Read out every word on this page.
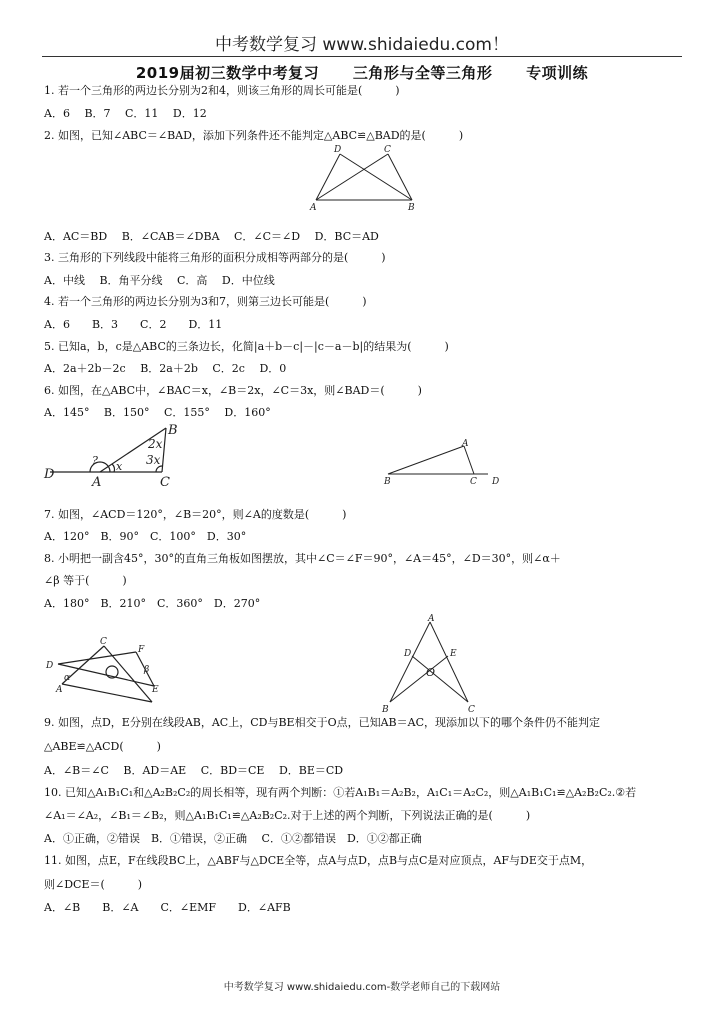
中考数学复习 www.shidaiedu.com！
2019届初三数学中考复习 三角形与全等三角形 专项训练
1. 若一个三角形的两边长分别为2和4，则该三角形的周长可能是(　　　)
A．6　 B．7　 C．11　 D．12
2. 如图，已知∠ABC＝∠BAD，添加下列条件还不能判定△ABC≌△BAD的是(　　　)
A	B
C
D
A．AC＝BD　 B．∠CAB＝∠DBA　 C．∠C＝∠D　 D．BC＝AD
3. 三角形的下列线段中能将三角形的面积分成相等两部分的是(　　　)
A．中线　 B．角平分线　 C．高　 D．中位线
4. 若一个三角形的两边长分别为3和7，则第三边长可能是(　　　)
A．6　　B．3　　C．2　　D．11
5. 已知a，b，c是△ABC的三条边长，化简|a＋b－c|－|c－a－b|的结果为(　　　)
A．2a＋2b－2c　 B．2a＋2b　 C．2c　 D．0
6. 如图，在△ABC中，∠BAC＝x，∠B＝2x，∠C＝3x，则∠BAD＝(　　　)
A．145°　 B．150°　 C．155°　 D．160°
D
A	C
B
2x
3x
x
?
B	C D
A
7. 如图，∠ACD＝120°，∠B＝20°，则∠A的度数是(　　　)
A．120°　B．90°　C．100°　D．30°
8. 小明把一副含45°，30°的直角三角板如图摆放，其中∠C＝∠F＝90°，∠A＝45°，∠D＝30°，则∠α＋
∠β 等于(　　　)
A．180°　B．210°　C．360°　D．270°
D
A
C
F
E
α
β
A
D	E
O
B	C
9. 如图，点D，E分别在线段AB，AC上，CD与BE相交于O点，已知AB＝AC，现添加以下的哪个条件仍不能判定
△ABE≌△ACD(　　　)
A．∠B＝∠C　 B．AD＝AE　 C．BD＝CE　 D．BE＝CD
10. 已知△A₁B₁C₁和△A₂B₂C₂的周长相等，现有两个判断：①若A₁B₁＝A₂B₂，A₁C₁＝A₂C₂，则△A₁B₁C₁≌△A₂B₂C₂.②若
∠A₁＝∠A₂，∠B₁＝∠B₂，则△A₁B₁C₁≌△A₂B₂C₂.对于上述的两个判断，下列说法正确的是(　　　)
A．①正确，②错误　B．①错误，②正确　 C．①②都错误　D．①②都正确
11. 如图，点E，F在线段BC上，△ABF与△DCE全等，点A与点D，点B与点C是对应顶点，AF与DE交于点M，
则∠DCE＝(　　　)
A．∠B　　B．∠A　　C．∠EMF　　D．∠AFB
中考数学复习 www.shidaiedu.com-数学老师自己的下载网站
